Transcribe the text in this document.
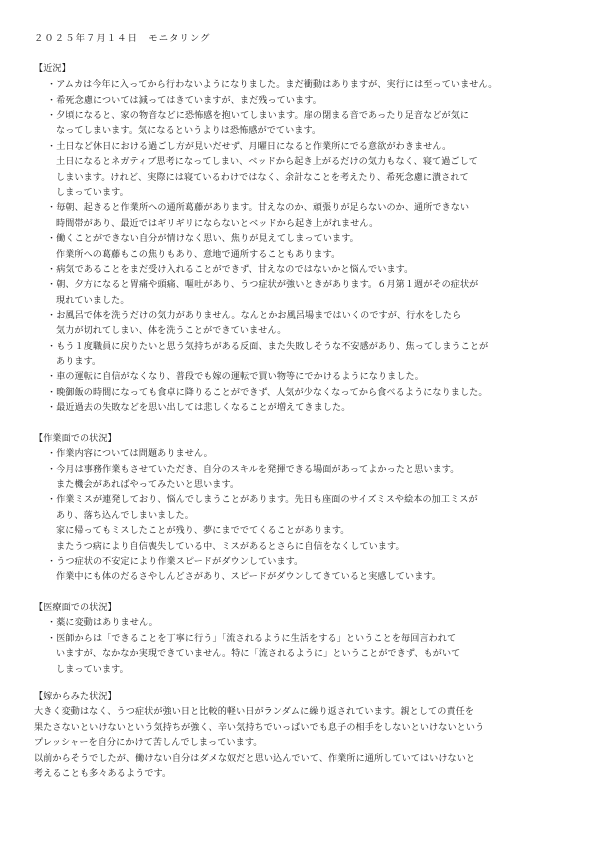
２０２５年７月１４日　モニタリング
【近況】
・アムカは今年に入ってから行わないようになりました。まだ衝動はありますが、実行には至っていません。
・希死念慮については減ってはきていますが、まだ残っています。
・夕頃になると、家の物音などに恐怖感を抱いてしまいます。扉の閉まる音であったり足音などが気に
なってしまいます。気になるというよりは恐怖感がでています。
・土日など休日における過ごし方が見いだせず、月曜日になると作業所にでる意欲がわきません。
土日になるとネガティブ思考になってしまい、ベッドから起き上がるだけの気力もなく、寝て過ごして
しまいます。けれど、実際には寝ているわけではなく、余計なことを考えたり、希死念慮に潰されて
しまっています。
・毎朝、起きると作業所への通所葛藤があります。甘えなのか、頑張りが足らないのか、通所できない
時間帯があり、最近ではギリギリにならないとベッドから起き上がれません。
・働くことができない自分が情けなく思い、焦りが見えてしまっています。
作業所への葛藤もこの焦りもあり、意地で通所することもあります。
・病気であることをまだ受け入れることができず、甘えなのではないかと悩んでいます。
・朝、夕方になると胃痛や頭痛、嘔吐があり、うつ症状が強いときがあります。６月第１週がその症状が
現れていました。
・お風呂で体を洗うだけの気力がありません。なんとかお風呂場まではいくのですが、行水をしたら
気力が切れてしまい、体を洗うことができていません。
・もう１度職員に戻りたいと思う気持ちがある反面、また失敗しそうな不安感があり、焦ってしまうことが
あります。
・車の運転に自信がなくなり、普段でも嫁の運転で買い物等にでかけるようになりました。
・晩御飯の時間になっても食卓に降りることができず、人気が少なくなってから食べるようになりました。
・最近過去の失敗などを思い出しては悲しくなることが増えてきました。
【作業面での状況】
・作業内容については問題ありません。
・今月は事務作業もさせていただき、自分のスキルを発揮できる場面があってよかったと思います。
また機会があればやってみたいと思います。
・作業ミスが連発しており、悩んでしまうことがあります。先日も座面のサイズミスや絵本の加工ミスが
あり、落ち込んでしまいました。
家に帰ってもミスしたことが残り、夢にまででてくることがあります。
またうつ病により自信喪失している中、ミスがあるとさらに自信をなくしています。
・うつ症状の不安定により作業スピードがダウンしています。
作業中にも体のだるさやしんどさがあり、スピードがダウンしてきていると実感しています。
【医療面での状況】
・薬に変動はありません。
・医師からは「できることを丁寧に行う」「流されるように生活をする」ということを毎回言われて
いますが、なかなか実現できていません。特に「流されるように」ということができず、もがいて
しまっています。
【嫁からみた状況】
大きく変動はなく、うつ症状が強い日と比較的軽い日がランダムに繰り返されています。親としての責任を
果たさないといけないという気持ちが強く、辛い気持ちでいっぱいでも息子の相手をしないといけないという
プレッシャーを自分にかけて苦しんでしまっています。
以前からそうでしたが、働けない自分はダメな奴だと思い込んでいて、作業所に通所していてはいけないと
考えることも多々あるようです。
